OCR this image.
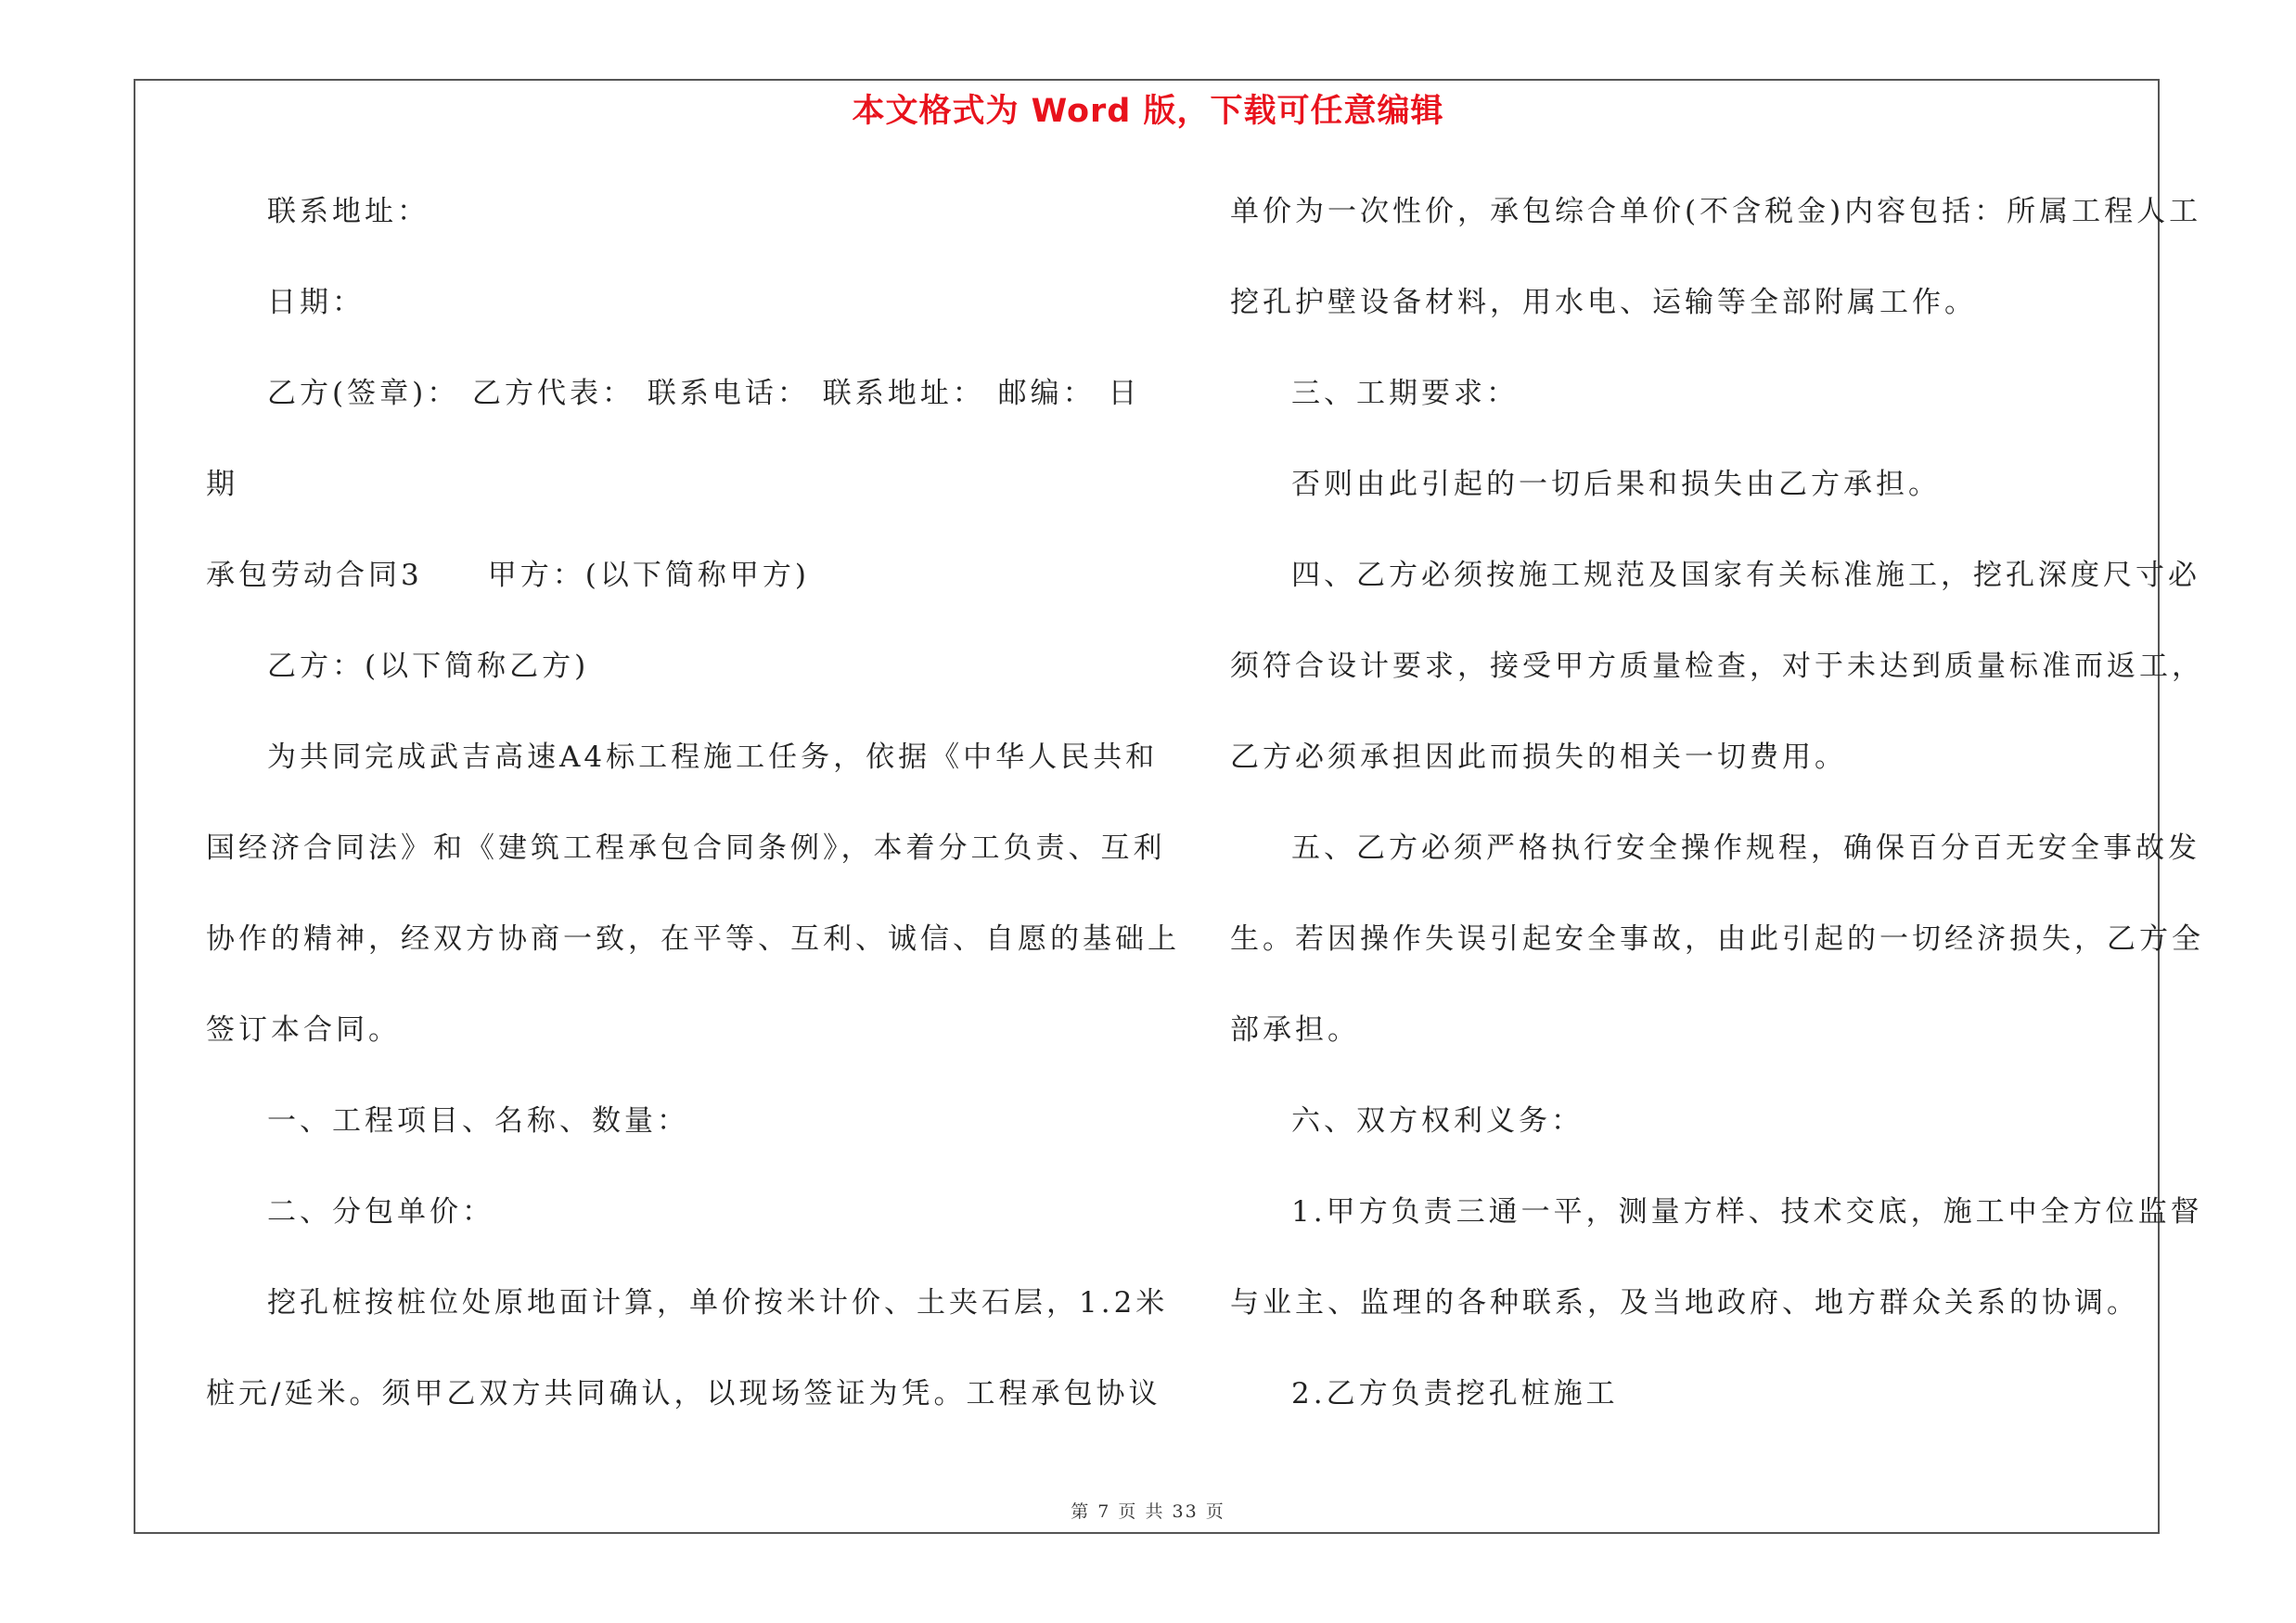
本文格式为 Word 版，下载可任意编辑
联系地址：
日期：
乙方(签章)： 乙方代表： 联系电话： 联系地址： 邮编： 日
期
承包劳动合同3　　甲方：(以下简称甲方)
乙方：(以下简称乙方)
为共同完成武吉高速A4标工程施工任务，依据《中华人民共和
国经济合同法》和《建筑工程承包合同条例》，本着分工负责、互利
协作的精神，经双方协商一致，在平等、互利、诚信、自愿的基础上
签订本合同。
一、工程项目、名称、数量：
二、分包单价：
挖孔桩按桩位处原地面计算，单价按米计价、土夹石层，1.2米
桩元/延米。须甲乙双方共同确认，以现场签证为凭。工程承包协议
单价为一次性价，承包综合单价(不含税金)内容包括：所属工程人工
挖孔护壁设备材料，用水电、运输等全部附属工作。
三、工期要求：
否则由此引起的一切后果和损失由乙方承担。
四、乙方必须按施工规范及国家有关标准施工，挖孔深度尺寸必
须符合设计要求，接受甲方质量检查，对于未达到质量标准而返工，
乙方必须承担因此而损失的相关一切费用。
五、乙方必须严格执行安全操作规程，确保百分百无安全事故发
生。若因操作失误引起安全事故，由此引起的一切经济损失，乙方全
部承担。
六、双方权利义务：
1.甲方负责三通一平，测量方样、技术交底，施工中全方位监督
与业主、监理的各种联系，及当地政府、地方群众关系的协调。
2.乙方负责挖孔桩施工
第 7 页 共 33 页
